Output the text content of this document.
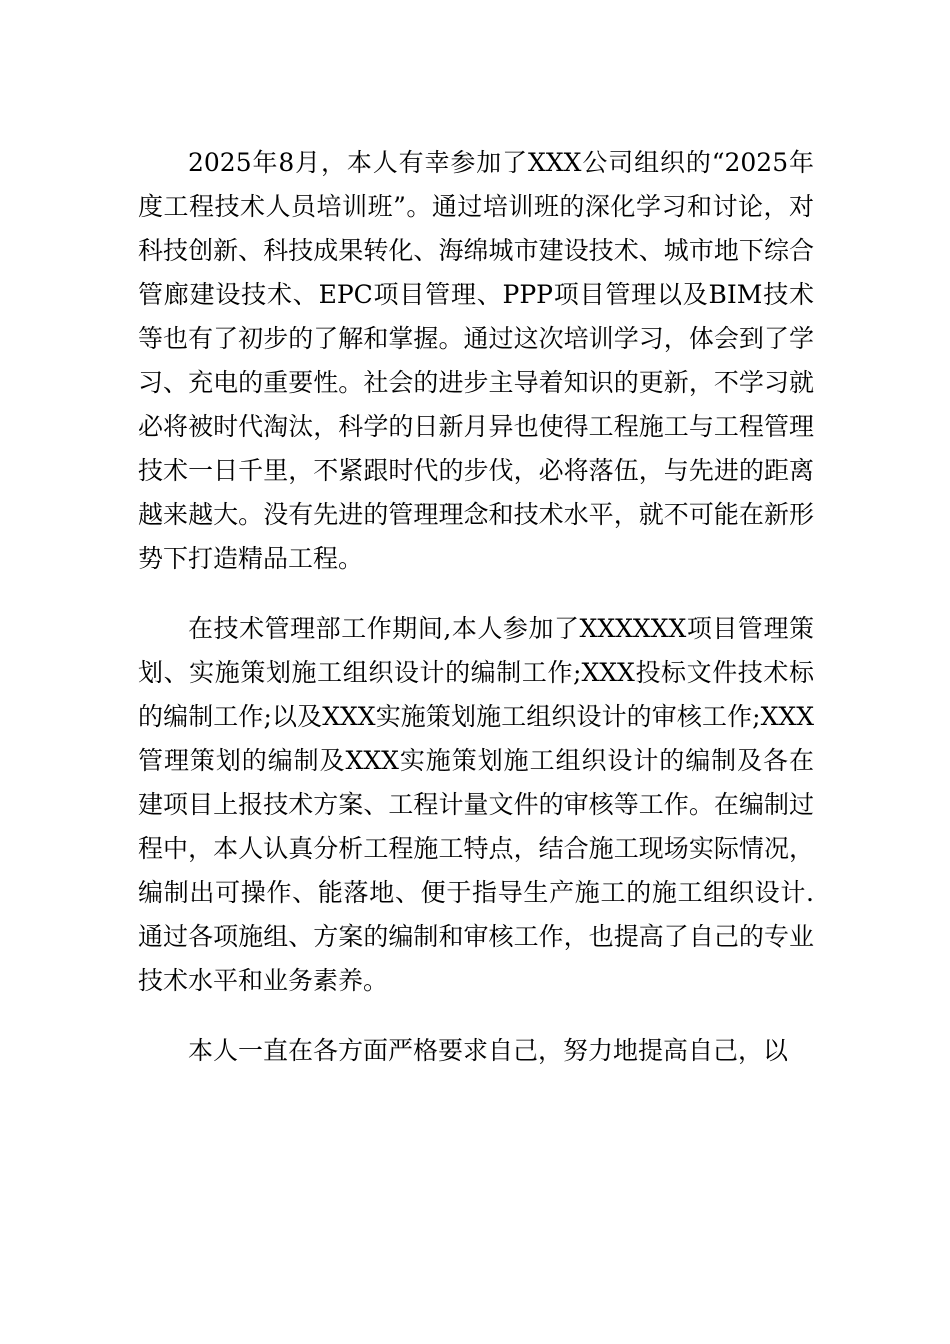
2025年8月，本人有幸参加了XXX公司组织的“2025年度工程技术人员培训班”。通过培训班的深化学习和讨论，对科技创新、科技成果转化、海绵城市建设技术、城市地下综合管廊建设技术、EPC项目管理、PPP项目管理以及BIM技术等也有了初步的了解和掌握。通过这次培训学习，体会到了学习、充电的重要性。社会的进步主导着知识的更新，不学习就必将被时代淘汰，科学的日新月异也使得工程施工与工程管理技术一日千里，不紧跟时代的步伐，必将落伍，与先进的距离越来越大。没有先进的管理理念和技术水平，就不可能在新形势下打造精品工程。

在技术管理部工作期间,本人参加了XXXXXX项目管理策划、实施策划施工组织设计的编制工作;XXX投标文件技术标的编制工作;以及XXX实施策划施工组织设计的审核工作;XXX管理策划的编制及XXX实施策划施工组织设计的编制及各在建项目上报技术方案、工程计量文件的审核等工作。在编制过程中，本人认真分析工程施工特点，结合施工现场实际情况，编制出可操作、能落地、便于指导生产施工的施工组织设计.通过各项施组、方案的编制和审核工作，也提高了自己的专业技术水平和业务素养。

本人一直在各方面严格要求自己，努力地提高自己，以
